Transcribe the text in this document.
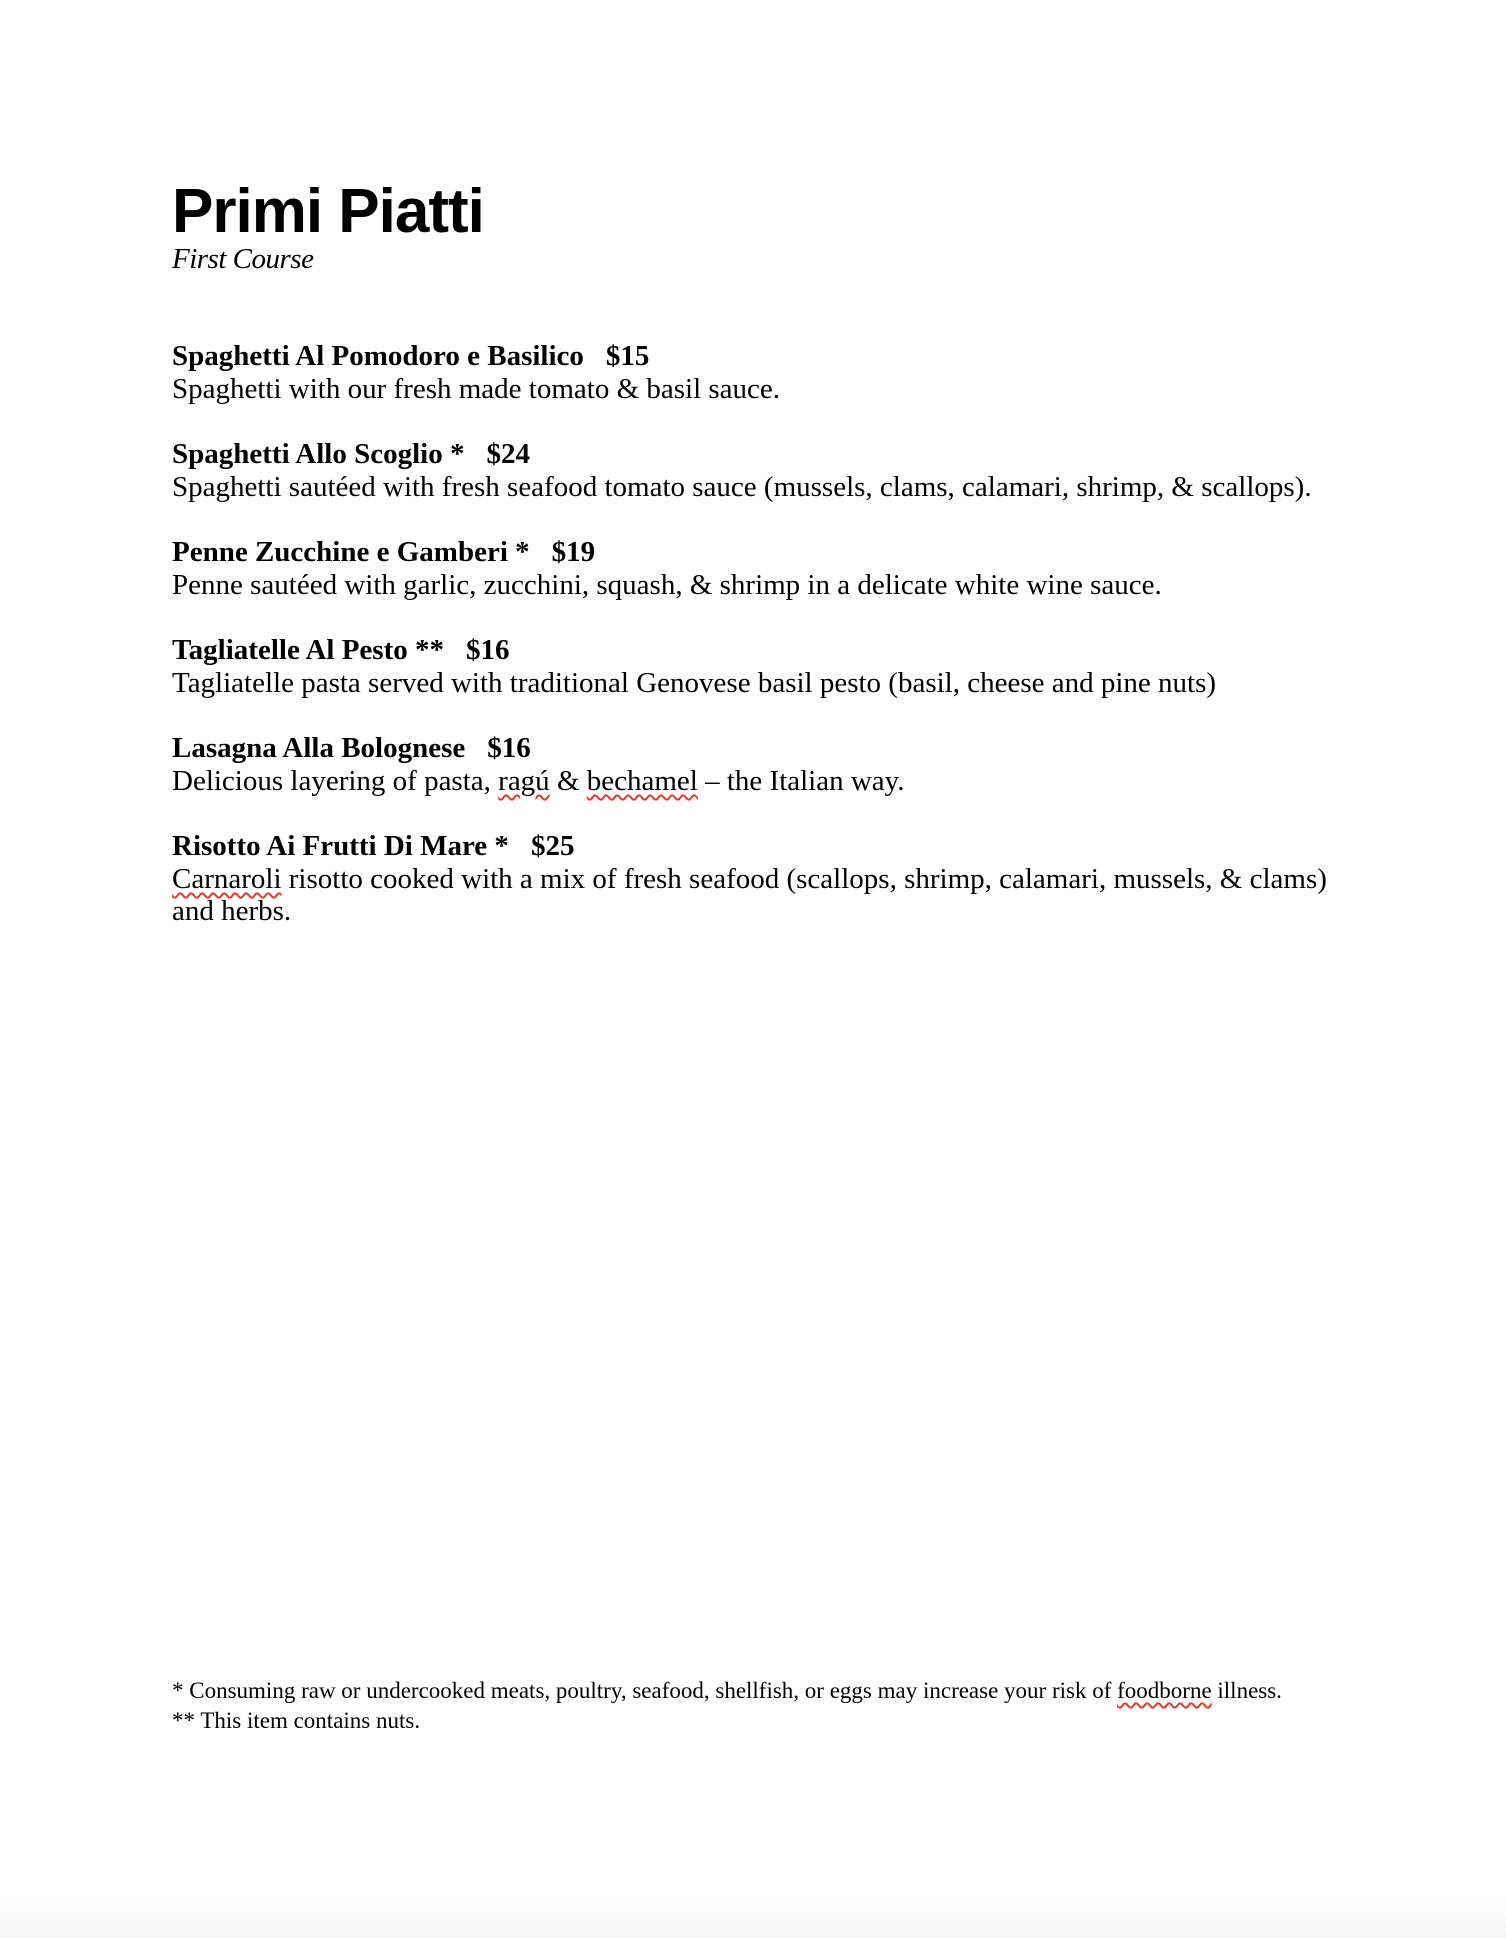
Primi Piatti
First Course
Spaghetti Al Pomodoro e Basilico $15
Spaghetti with our fresh made tomato & basil sauce.
Spaghetti Allo Scoglio * $24
Spaghetti sautéed with fresh seafood tomato sauce (mussels, clams, calamari, shrimp, & scallops).
Penne Zucchine e Gamberi * $19
Penne sautéed with garlic, zucchini, squash, & shrimp in a delicate white wine sauce.
Tagliatelle Al Pesto ** $16
Tagliatelle pasta served with traditional Genovese basil pesto (basil, cheese and pine nuts)
Lasagna Alla Bolognese $16
Delicious layering of pasta, ragú & bechamel – the Italian way.
Risotto Ai Frutti Di Mare * $25
Carnaroli risotto cooked with a mix of fresh seafood (scallops, shrimp, calamari, mussels, & clams) and herbs.
* Consuming raw or undercooked meats, poultry, seafood, shellfish, or eggs may increase your risk of foodborne illness.
** This item contains nuts.
